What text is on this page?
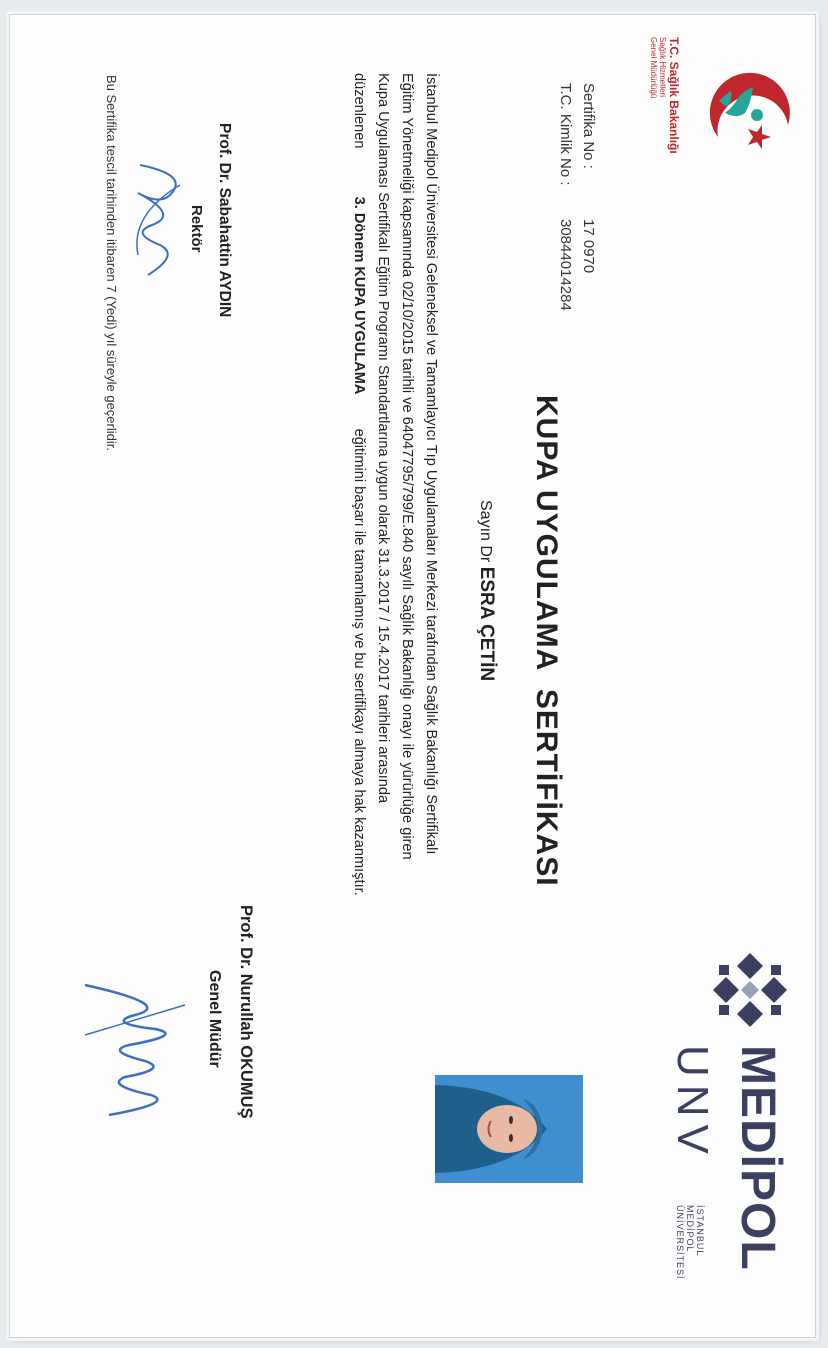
T.C. Sağlık Bakanlığı
Sağlık Hizmetleri
Genel Müdürlüğü
MEDİPOL
UNV
İSTANBUL
MEDİPOL
ÜNİVERSİTESİ
Sertifika No :
17 0970
T.C. Kimlik No :
30844014284
KUPA UYGULAMA  SERTİFİKASI
Sayın Dr ESRA ÇETİN
İstanbul Medipol Üniversitesi Geleneksel ve Tamamlayıcı Tıp Uygulamaları Merkezi tarafından Sağlık Bakanlığı Sertifikalı
Eğitim Yönetmeliği kapsamında 02/10/2015 tarihli ve 64047795/799/E.840 sayılı Sağlık Bakanlığı onayı ile yürürlüğe giren
Kupa Uygulaması Sertifikalı Eğitim Programı Standartlarına uygun olarak 31.3.2017 / 15.4.2017 tarihleri arasında
düzenlenen  3. Dönem KUPA UYGULAMA  eğitimini başarı ile tamamlamış ve bu sertifikayı almaya hak kazanmıştır.
Prof. Dr. Sabahattin AYDIN
Rektör
Prof. Dr. Nurullah OKUMUŞ
Genel Müdür
Bu Sertifika tescil tarihinden itibaren 7 (Yedi) yıl süreyle geçerlidir.
